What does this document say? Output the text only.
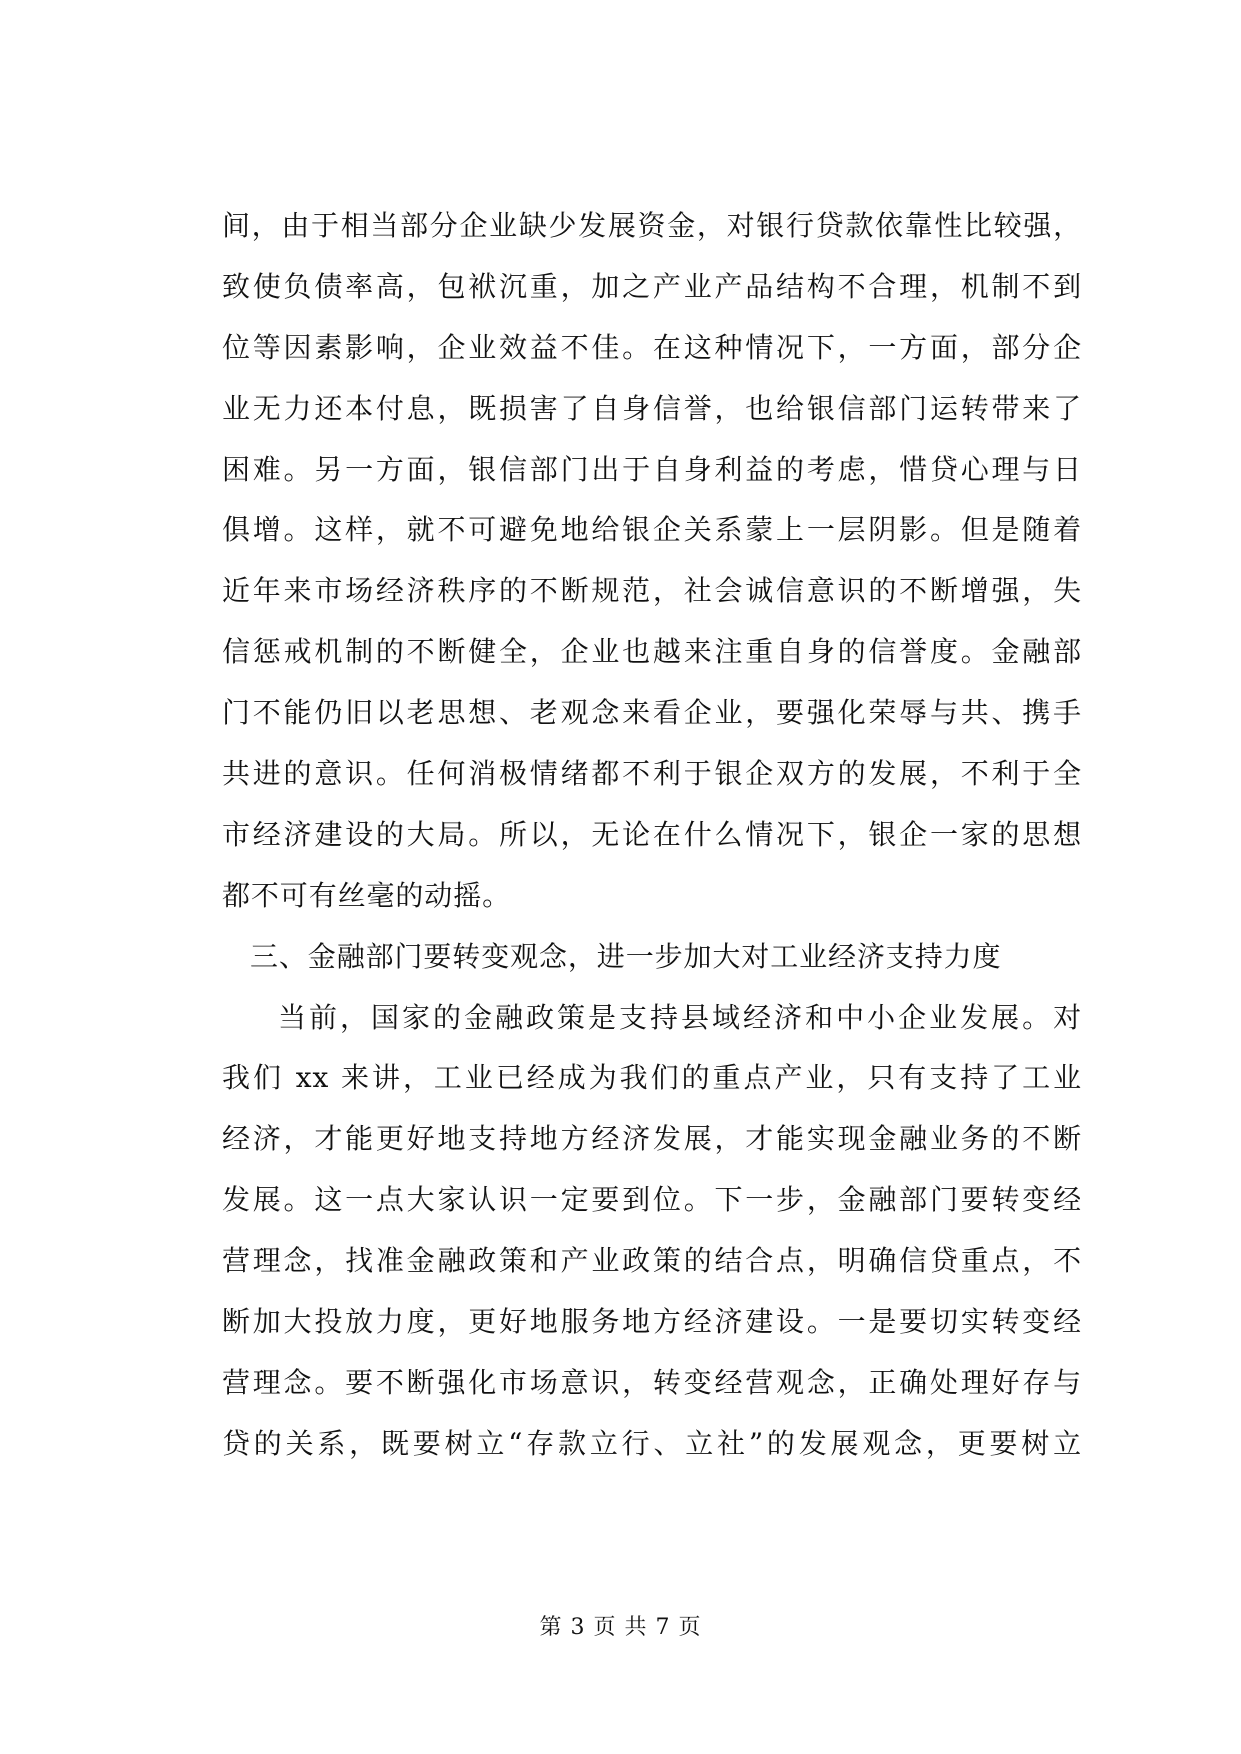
间，由于相当部分企业缺少发展资金，对银行贷款依靠性比较强，
致使负债率高，包袱沉重，加之产业产品结构不合理，机制不到
位等因素影响，企业效益不佳。在这种情况下，一方面，部分企
业无力还本付息，既损害了自身信誉，也给银信部门运转带来了
困难。另一方面，银信部门出于自身利益的考虑，惜贷心理与日
俱增。这样，就不可避免地给银企关系蒙上一层阴影。但是随着
近年来市场经济秩序的不断规范，社会诚信意识的不断增强，失
信惩戒机制的不断健全，企业也越来注重自身的信誉度。金融部
门不能仍旧以老思想、老观念来看企业，要强化荣辱与共、携手
共进的意识。任何消极情绪都不利于银企双方的发展，不利于全
市经济建设的大局。所以，无论在什么情况下，银企一家的思想
都不可有丝毫的动摇。
三、金融部门要转变观念，进一步加大对工业经济支持力度
当前，国家的金融政策是支持县域经济和中小企业发展。对
我们 xx 来讲，工业已经成为我们的重点产业，只有支持了工业
经济，才能更好地支持地方经济发展，才能实现金融业务的不断
发展。这一点大家认识一定要到位。下一步，金融部门要转变经
营理念，找准金融政策和产业政策的结合点，明确信贷重点，不
断加大投放力度，更好地服务地方经济建设。一是要切实转变经
营理念。要不断强化市场意识，转变经营观念，正确处理好存与
贷的关系，既要树立“存款立行、立社”的发展观念，更要树立
第 3 页 共 7 页
